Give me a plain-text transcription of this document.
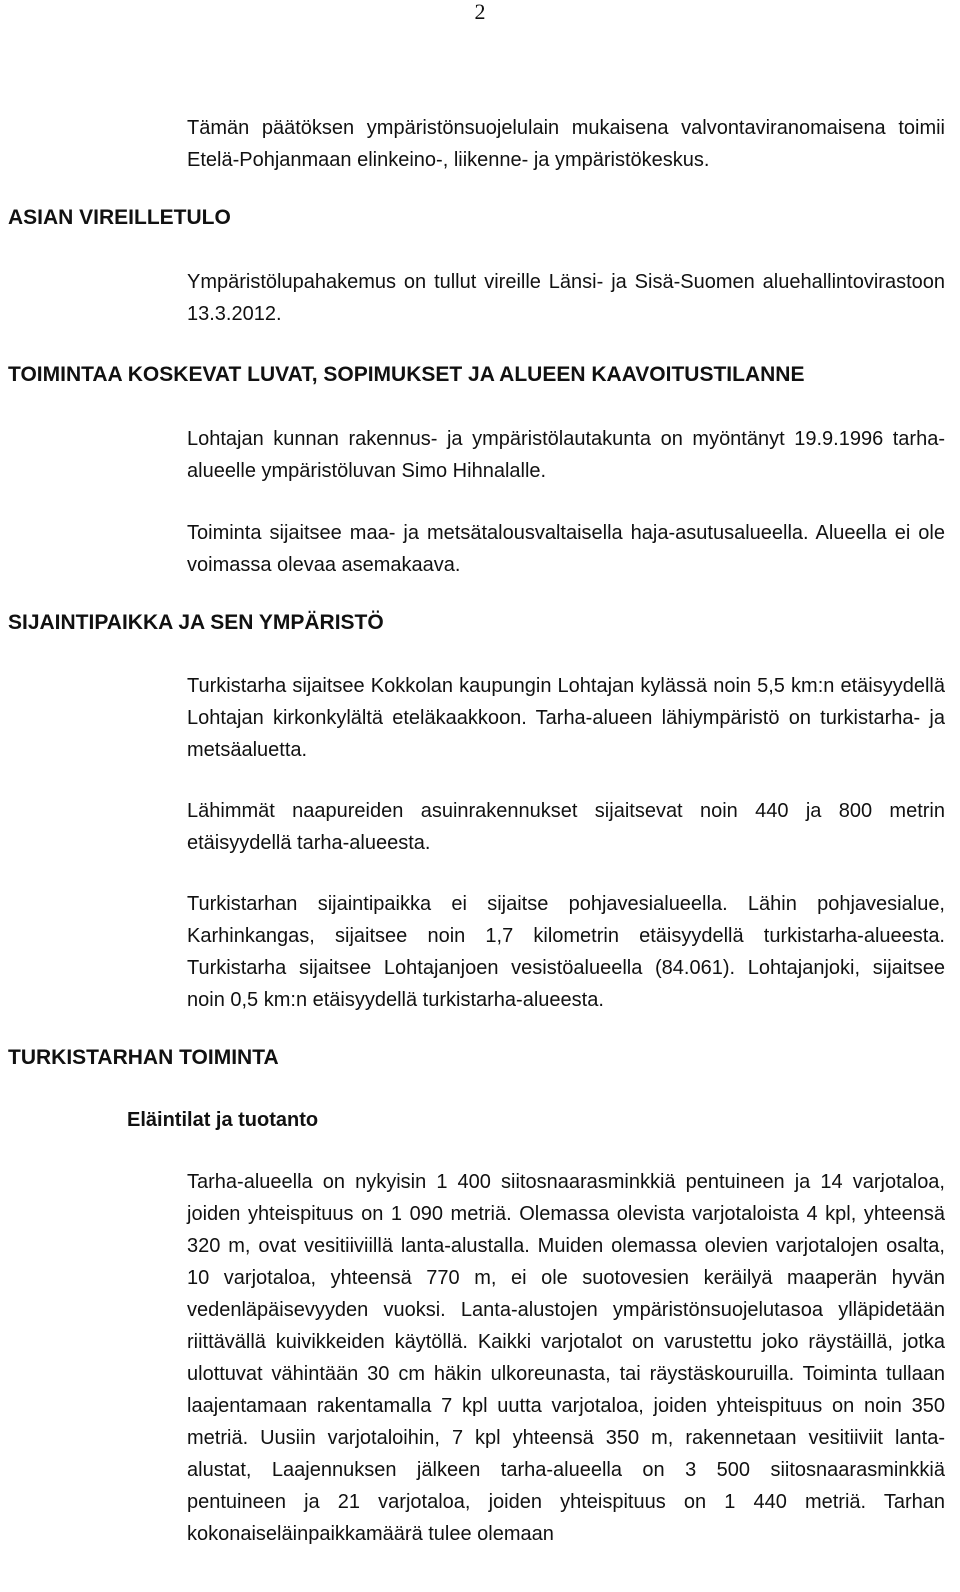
2

Tämän päätöksen ympäristönsuojelulain mukaisena valvontaviranomaisena toimii Etelä-Pohjanmaan elinkeino-, liikenne- ja ympäristökeskus.

ASIAN VIREILLETULO

Ympäristölupahakemus on tullut vireille Länsi- ja Sisä-Suomen aluehallintovirastoon 13.3.2012.

TOIMINTAA KOSKEVAT LUVAT, SOPIMUKSET JA ALUEEN KAAVOITUSTILANNE

Lohtajan kunnan rakennus- ja ympäristölautakunta on myöntänyt 19.9.1996 tarha-alueelle ympäristöluvan Simo Hihnalalle.

Toiminta sijaitsee maa- ja metsätalousvaltaisella haja-asutusalueella. Alueella ei ole voimassa olevaa asemakaava.

SIJAINTIPAIKKA JA SEN YMPÄRISTÖ

Turkistarha sijaitsee Kokkolan kaupungin Lohtajan kylässä noin 5,5 km:n etäisyydellä Lohtajan kirkonkylältä eteläkaakkoon. Tarha-alueen lähiympäristö on turkistarha- ja metsäaluetta.

Lähimmät naapureiden asuinrakennukset sijaitsevat noin 440 ja 800 metrin etäisyydellä tarha-alueesta.

Turkistarhan sijaintipaikka ei sijaitse pohjavesialueella. Lähin pohjavesialue, Karhinkangas, sijaitsee noin 1,7 kilometrin etäisyydellä turkistarha-alueesta. Turkistarha sijaitsee Lohtajanjoen vesistöalueella (84.061). Lohtajanjoki, sijaitsee noin 0,5 km:n etäisyydellä turkistarha-alueesta.

TURKISTARHAN TOIMINTA
Eläintilat ja tuotanto

Tarha-alueella on nykyisin 1 400 siitosnaarasminkkiä pentuineen ja 14 varjotaloa, joiden yhteispituus on 1 090 metriä. Olemassa olevista varjotaloista 4 kpl, yhteensä 320 m, ovat vesitiiviillä lanta-alustalla. Muiden olemassa olevien varjotalojen osalta, 10 varjotaloa, yhteensä 770 m, ei ole suotovesien keräilyä maaperän hyvän vedenläpäisevyyden vuoksi. Lanta-alustojen ympäristönsuojelutasoa ylläpidetään riittävällä kuivikkeiden käytöllä. Kaikki varjotalot on varustettu joko räystäillä, jotka ulottuvat vähintään 30 cm häkin ulkoreunasta, tai räystäskouruilla. Toiminta tullaan laajentamaan rakentamalla 7 kpl uutta varjotaloa, joiden yhteispituus on noin 350 metriä. Uusiin varjotaloihin, 7 kpl yhteensä 350 m, rakennetaan vesitiiviit lanta-alustat, Laajennuksen jälkeen tarha-alueella on 3 500 siitosnaarasminkkiä pentuineen ja 21 varjotaloa, joiden yhteispituus on 1 440 metriä. Tarhan kokonaiseläinpaikkamäärä tulee olemaan
